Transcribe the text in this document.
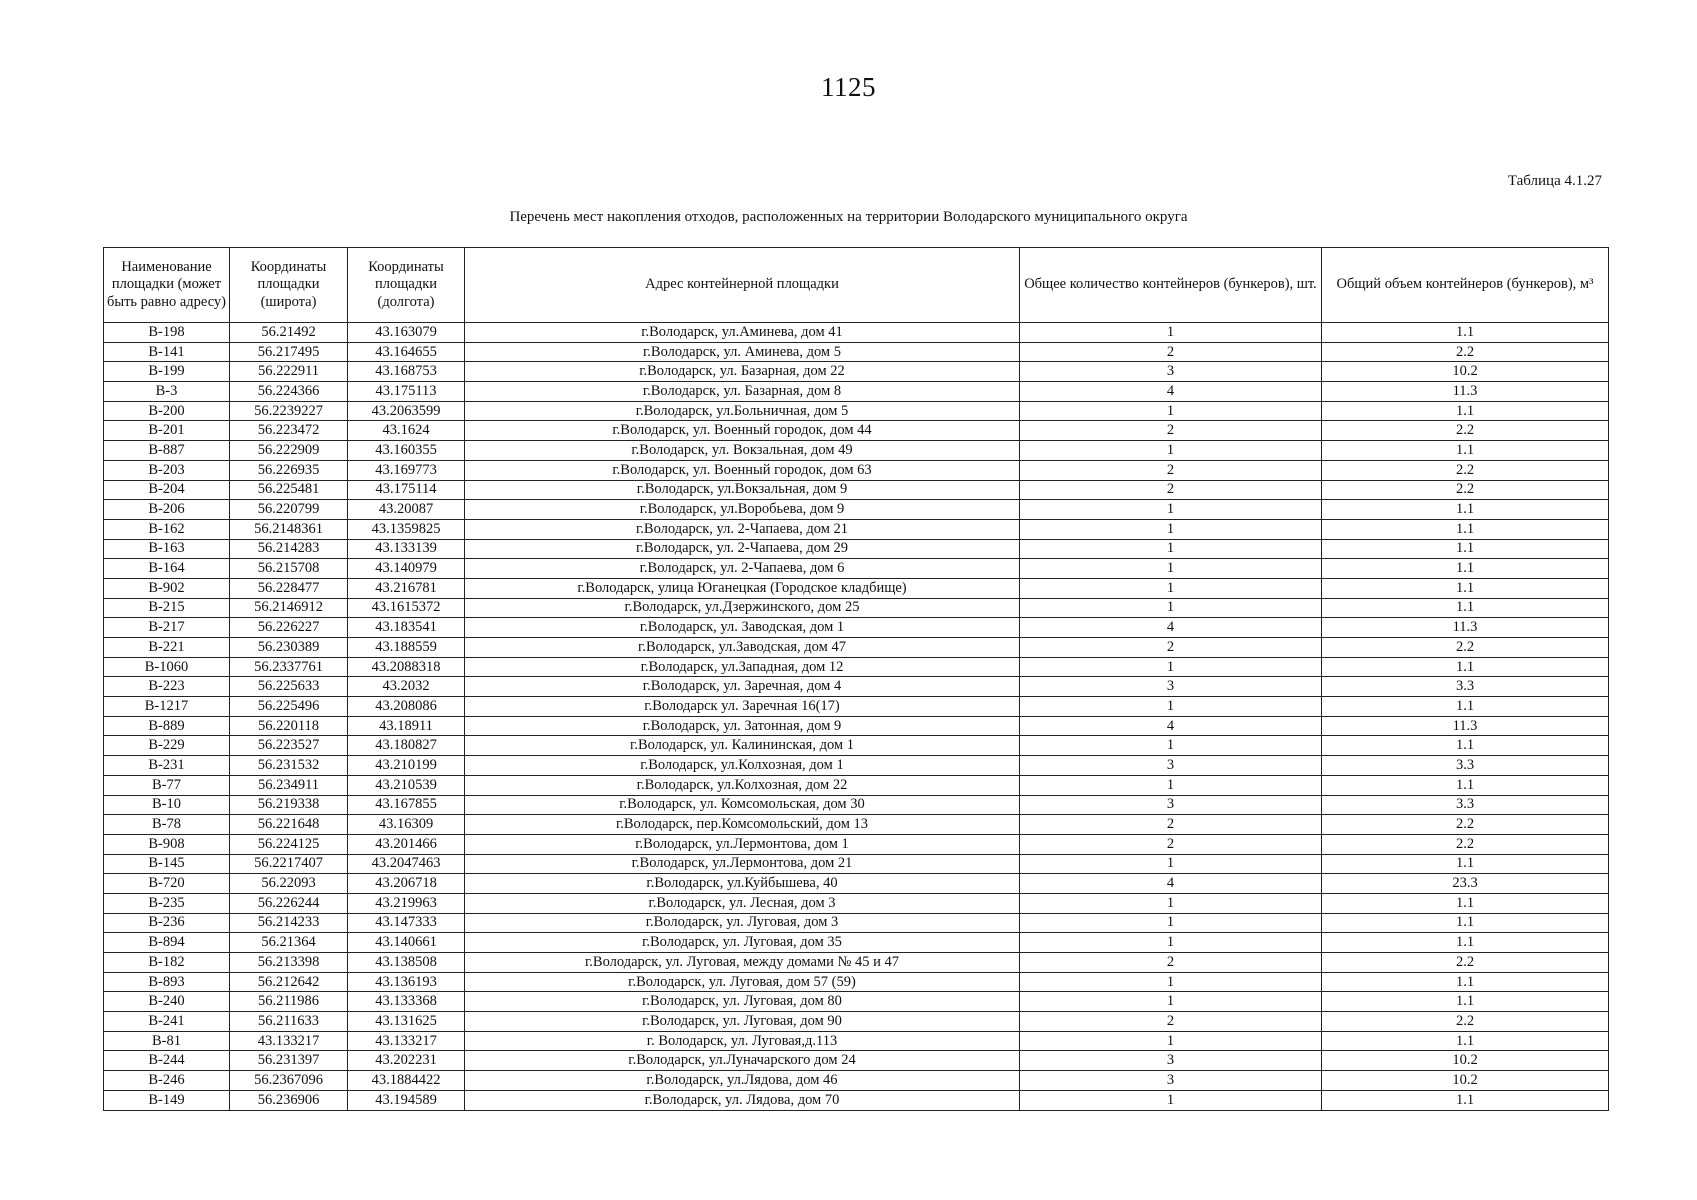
1125
Таблица 4.1.27
Перечень мест накопления отходов, расположенных на территории Володарского муниципального округа
Наименование площадки (может быть равно адресу)	Координаты площадки (широта)	Координаты площадки (долгота)	Адрес контейнерной площадки	Общее количество контейнеров (бункеров), шт.	Общий объем контейнеров (бункеров), м³
В-198	56.21492	43.163079	г.Володарск, ул.Аминева, дом 41	1	1.1
В-141	56.217495	43.164655	г.Володарск, ул. Аминева, дом 5	2	2.2
В-199	56.222911	43.168753	г.Володарск, ул. Базарная, дом 22	3	10.2
В-3	56.224366	43.175113	г.Володарск, ул. Базарная, дом 8	4	11.3
В-200	56.2239227	43.2063599	г.Володарск, ул.Больничная, дом 5	1	1.1
В-201	56.223472	43.1624	г.Володарск, ул. Военный городок, дом 44	2	2.2
В-887	56.222909	43.160355	г.Володарск, ул. Вокзальная, дом 49	1	1.1
В-203	56.226935	43.169773	г.Володарск, ул. Военный городок, дом 63	2	2.2
В-204	56.225481	43.175114	г.Володарск, ул.Вокзальная, дом 9	2	2.2
В-206	56.220799	43.20087	г.Володарск, ул.Воробьева, дом 9	1	1.1
В-162	56.2148361	43.1359825	г.Володарск, ул. 2-Чапаева, дом 21	1	1.1
В-163	56.214283	43.133139	г.Володарск, ул. 2-Чапаева, дом 29	1	1.1
В-164	56.215708	43.140979	г.Володарск, ул. 2-Чапаева, дом 6	1	1.1
В-902	56.228477	43.216781	г.Володарск, улица Юганецкая (Городское кладбище)	1	1.1
В-215	56.2146912	43.1615372	г.Володарск, ул.Дзержинского, дом 25	1	1.1
В-217	56.226227	43.183541	г.Володарск, ул. Заводская, дом 1	4	11.3
В-221	56.230389	43.188559	г.Володарск, ул.Заводская, дом 47	2	2.2
В-1060	56.2337761	43.2088318	г.Володарск, ул.Западная, дом 12	1	1.1
В-223	56.225633	43.2032	г.Володарск, ул. Заречная, дом 4	3	3.3
В-1217	56.225496	43.208086	г.Володарск ул. Заречная 16(17)	1	1.1
В-889	56.220118	43.18911	г.Володарск, ул. Затонная, дом 9	4	11.3
В-229	56.223527	43.180827	г.Володарск, ул. Калининская, дом 1	1	1.1
В-231	56.231532	43.210199	г.Володарск, ул.Колхозная, дом 1	3	3.3
В-77	56.234911	43.210539	г.Володарск, ул.Колхозная, дом 22	1	1.1
В-10	56.219338	43.167855	г.Володарск, ул. Комсомольская, дом 30	3	3.3
В-78	56.221648	43.16309	г.Володарск, пер.Комсомольский, дом 13	2	2.2
В-908	56.224125	43.201466	г.Володарск, ул.Лермонтова, дом 1	2	2.2
В-145	56.2217407	43.2047463	г.Володарск, ул.Лермонтова, дом 21	1	1.1
В-720	56.22093	43.206718	г.Володарск, ул.Куйбышева, 40	4	23.3
В-235	56.226244	43.219963	г.Володарск, ул. Лесная, дом 3	1	1.1
В-236	56.214233	43.147333	г.Володарск, ул. Луговая, дом 3	1	1.1
В-894	56.21364	43.140661	г.Володарск, ул. Луговая, дом 35	1	1.1
В-182	56.213398	43.138508	г.Володарск, ул. Луговая, между домами № 45 и 47	2	2.2
В-893	56.212642	43.136193	г.Володарск, ул. Луговая, дом 57 (59)	1	1.1
В-240	56.211986	43.133368	г.Володарск, ул. Луговая, дом 80	1	1.1
В-241	56.211633	43.131625	г.Володарск, ул. Луговая, дом 90	2	2.2
В-81	43.133217	43.133217	г. Володарск, ул. Луговая,д.113	1	1.1
В-244	56.231397	43.202231	г.Володарск, ул.Луначарского дом 24	3	10.2
В-246	56.2367096	43.1884422	г.Володарск, ул.Лядова, дом 46	3	10.2
В-149	56.236906	43.194589	г.Володарск, ул. Лядова, дом 70	1	1.1
